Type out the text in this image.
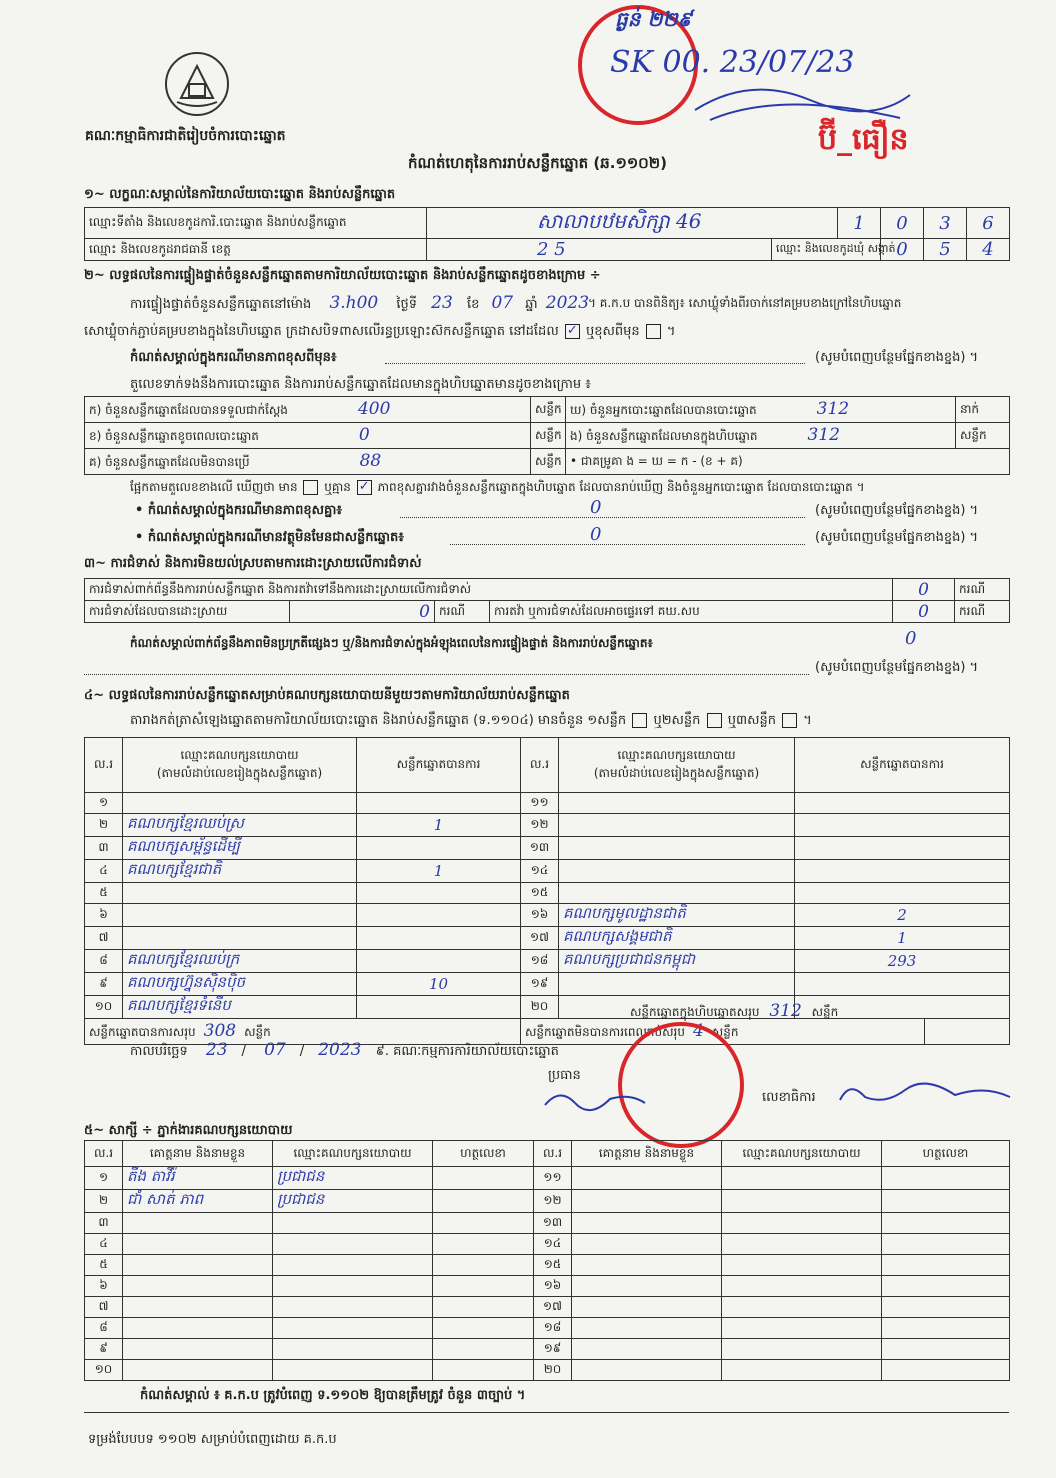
គណៈកម្មាធិការជាតិរៀបចំការបោះឆ្នោត
ធ្ងន់ ២២៩
SK 00. 23/07/23
ប៊ី_ធឿន
កំណត់ហេតុនៃការរាប់សន្លឹកឆ្នោត (ឆ.១១០២)
១~ លក្ខណៈសម្គាល់នៃការិយាល័យបោះឆ្នោត និងរាប់សន្លឹកឆ្នោត
ឈ្មោះទីតាំង និងលេខកូដការិ.បោះឆ្នោត និងរាប់សន្លឹកឆ្នោត	សាលាបឋមសិក្សា 46		1	0	3	6
ឈ្មោះ និងលេខកូដរាជធានី ខេត្ត	2 5	ឈ្មោះ និងលេខកូដឃុំ សង្កាត់		0	5	4
២~ លទ្ធផលនៃការផ្ទៀងផ្ទាត់ចំនួនសន្លឹកឆ្នោតតាមការិយាល័យបោះឆ្នោត និងរាប់សន្លឹកឆ្នោតដូចខាងក្រោម ÷
ការផ្ទៀងផ្ទាត់ចំនួនសន្លឹកឆ្នោតនៅម៉ោង 3.h00 ថ្ងៃទី 23 ខែ 07 ឆ្នាំ 2023
។ គ.ក.ប បានពិនិត្យ៖ សោឃ្លុំទាំងពីរចាក់នៅគម្របខាងក្រៅនៃហិបឆ្នោត
សោឃ្លុំចាក់ភ្ជាប់គម្របខាងក្នុងនៃហិបឆ្នោត ក្រដាសបិទពាសលើរន្ធប្រឡោះស៊កសន្លឹកឆ្នោត នៅដដែល ✓ ឬខុសពីមុន  ។
កំណត់សម្គាល់ក្នុងករណីមានភាពខុសពីមុន៖	(សូមបំពេញបន្ថែមផ្នែកខាងខ្នង) ។
តួលេខទាក់ទងនឹងការបោះឆ្នោត និងការរាប់សន្លឹកឆ្នោតដែលមានក្នុងហិបឆ្នោតមានដូចខាងក្រោម ៖
ក) ចំនួនសន្លឹកឆ្នោតដែលបានទទួលជាក់ស្តែង 400	សន្លឹក	ឃ) ចំនួនអ្នកបោះឆ្នោតដែលបានបោះឆ្នោត 312	នាក់
ខ) ចំនួនសន្លឹកឆ្នោតខូចពេលបោះឆ្នោត 0	សន្លឹក	ង) ចំនួនសន្លឹកឆ្នោតដែលមានក្នុងហិបឆ្នោត 312	សន្លឹក
គ) ចំនួនសន្លឹកឆ្នោតដែលមិនបានប្រើ 88	សន្លឹក	• ជាគម្រូគា ង = ឃ = ក - (ខ + គ)	
ផ្អែកតាមតួលេខខាងលើ ឃើញថា មាន ឬគ្មាន ✓ ភាពខុសគ្នារវាងចំនួនសន្លឹកឆ្នោតក្នុងហិបឆ្នោត ដែលបានរាប់ឃើញ និងចំនួនអ្នកបោះឆ្នោត ដែលបានបោះឆ្នោត ។
• កំណត់សម្គាល់ក្នុងករណីមានភាពខុសគ្នា៖	0	(សូមបំពេញបន្ថែមផ្នែកខាងខ្នង) ។
• កំណត់សម្គាល់ក្នុងករណីមានវត្ថុមិនមែនជាសន្លឹកឆ្នោត៖	0	(សូមបំពេញបន្ថែមផ្នែកខាងខ្នង) ។
៣~ ការជំទាស់ និងការមិនយល់ស្របតាមការដោះស្រាយលើការជំទាស់
ការជំទាស់ពាក់ព័ន្ធនឹងការរាប់សន្លឹកឆ្នោត និងការតវ៉ាទៅនឹងការដោះស្រាយលើការជំទាស់				0	ករណី
ការជំទាស់ដែលបានដោះស្រាយ	0	ករណី	ការតវ៉ា ឬការជំទាស់ដែលអាចផ្ទេរទៅ គឃ.សប	0	ករណី
កំណត់សម្គាល់ពាក់ព័ន្ធនឹងភាពមិនប្រក្រតីផ្សេងៗ ឬ/និងការជំទាស់ក្នុងអំឡុងពេលនៃការផ្ទៀងផ្ទាត់ និងការរាប់សន្លឹកឆ្នោត៖	0
(សូមបំពេញបន្ថែមផ្នែកខាងខ្នង) ។
៤~ លទ្ធផលនៃការរាប់សន្លឹកឆ្នោតសម្រាប់គណបក្សនយោបាយនីមួយៗតាមការិយាល័យរាប់សន្លឹកឆ្នោត
តារាងកត់ត្រាសំឡេងឆ្នោតតាមការិយាល័យបោះឆ្នោត និងរាប់សន្លឹកឆ្នោត (ទ.១១០៤) មានចំនួន ១សន្លឹក ឬ២សន្លឹក ឬ៣សន្លឹក  ។
ល.រ	ឈ្មោះគណបក្សនយោបាយ
(តាមលំដាប់លេខរៀងក្នុងសន្លឹកឆ្នោត)	សន្លឹកឆ្នោតបានការ	ល.រ	ឈ្មោះគណបក្សនយោបាយ
(តាមលំដាប់លេខរៀងក្នុងសន្លឹកឆ្នោត)	សន្លឹកឆ្នោតបានការ	
១			១១			
២	គណបក្សខ្មែរឈប់ស្រ	1	១២			
៣	គណបក្សសម្ព័ន្ធដើម្បី		១៣			
៤	គណបក្សខ្មែរជាតិ	1	១៤			
៥			១៥			
៦			១៦	គណបក្សមូលដ្ឋានជាតិ	2	
៧			១៧	គណបក្សសង្គមជាតិ	1	
៨	គណបក្សខ្មែរឈប់ក្រ		១៨	គណបក្សប្រជាជនកម្ពុជា	293	
៩	គណបក្សហ្វ៊ុនស៊ិនប៉ិច	10	១៩			
១០	គណបក្សខ្មែរទំនើប		២០			
សន្លឹកឆ្នោតបានការសរុប 308 សន្លឹក			សន្លឹកឆ្នោតមិនបានការពេលរាប់សរុប 4 សន្លឹក			
សន្លឹកឆ្នោតក្នុងហិបឆ្នោតសរុប 312 សន្លឹក
កាលបរិច្ឆេទ 23 / 07 / 2023 ៩. គណៈកម្មការការិយាល័យបោះឆ្នោត
ប្រធាន
លេខាធិការ
៥~ សាក្សី ÷ ភ្នាក់ងារគណបក្សនយោបាយ
ល.រ	គោត្តនាម និងនាមខ្លួន	ឈ្មោះគណបក្សនយោបាយ	ហត្ថលេខា	ល.រ	គោត្តនាម និងនាមខ្លួន	ឈ្មោះគណបក្សនយោបាយ	ហត្ថលេខា
១	តឹង តាវីរ៉	ប្រជាជន		១១			
២	ជាំ សាត់ ភាព	ប្រជាជន		១២			
៣				១៣			
៤				១៤			
៥				១៥			
៦				១៦			
៧				១៧			
៨				១៨			
៩				១៩			
១០				២០			
កំណត់សម្គាល់ ៖ គ.ក.ប ត្រូវបំពេញ ទ.១១០២ ឱ្យបានត្រឹមត្រូវ ចំនួន ៣ច្បាប់ ។
ទម្រង់បែបបទ ១១០២ សម្រាប់បំពេញដោយ គ.ក.ប
